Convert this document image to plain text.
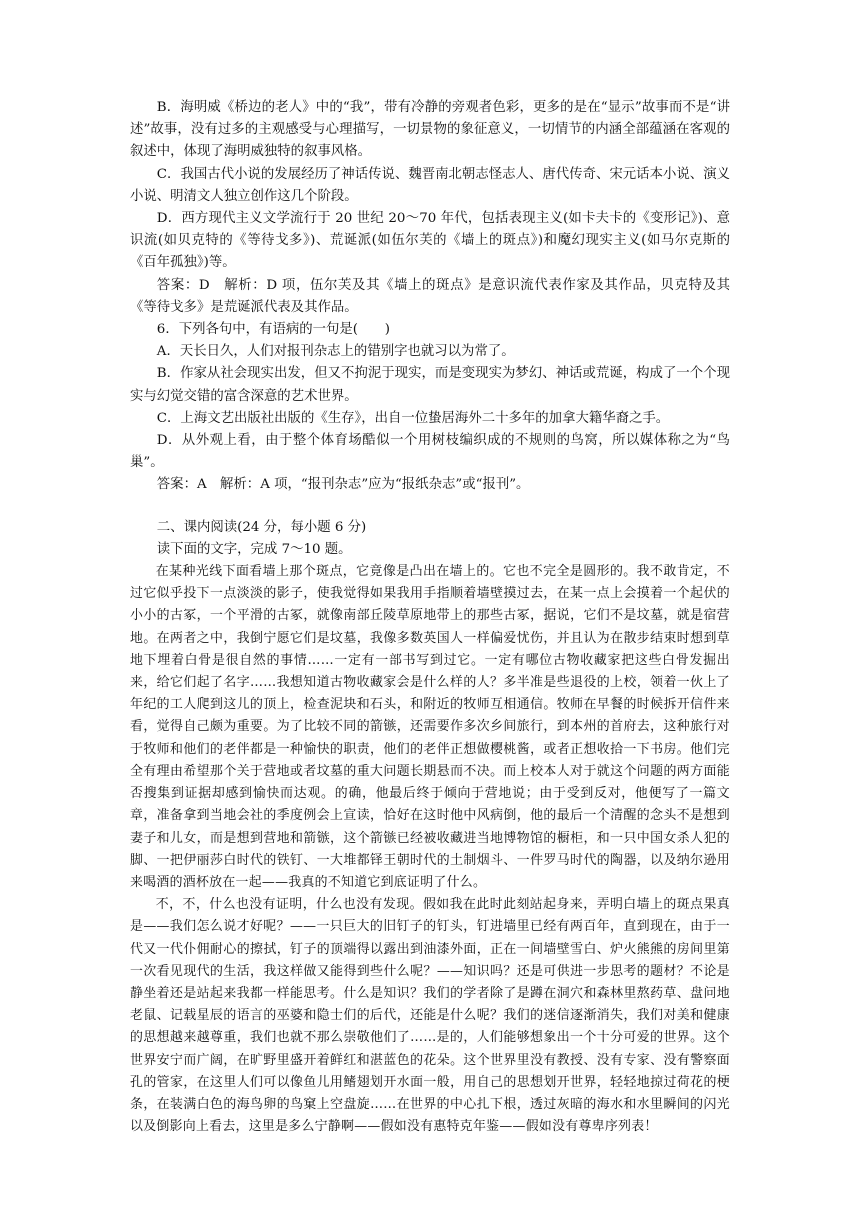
B．海明威《桥边的老人》中的“我”，带有冷静的旁观者色彩，更多的是在“显示”故事而不是“讲述”故事，没有过多的主观感受与心理描写，一切景物的象征意义，一切情节的内涵全部蕴涵在客观的叙述中，体现了海明威独特的叙事风格。

C．我国古代小说的发展经历了神话传说、魏晋南北朝志怪志人、唐代传奇、宋元话本小说、演义小说、明清文人独立创作这几个阶段。

D．西方现代主义文学流行于 20 世纪 20～70 年代，包括表现主义(如卡夫卡的《变形记》)、意识流(如贝克特的《等待戈多》)、荒诞派(如伍尔芙的《墙上的斑点》)和魔幻现实主义(如马尔克斯的《百年孤独》)等。

答案：D　解析：D 项，伍尔芙及其《墙上的斑点》是意识流代表作家及其作品，贝克特及其《等待戈多》是荒诞派代表及其作品。

6．下列各句中，有语病的一句是(　　)

A．天长日久，人们对报刊杂志上的错别字也就习以为常了。

B．作家从社会现实出发，但又不拘泥于现实，而是变现实为梦幻、神话或荒诞，构成了一个个现实与幻觉交错的富含深意的艺术世界。

C．上海文艺出版社出版的《生存》，出自一位蛰居海外二十多年的加拿大籍华裔之手。

D．从外观上看，由于整个体育场酷似一个用树枝编织成的不规则的鸟窝，所以媒体称之为“鸟巢”。

答案：A　解析：A 项，“报刊杂志”应为“报纸杂志”或“报刊”。

二、课内阅读(24 分，每小题 6 分)

读下面的文字，完成 7～10 题。

在某种光线下面看墙上那个斑点，它竟像是凸出在墙上的。它也不完全是圆形的。我不敢肯定，不过它似乎投下一点淡淡的影子，使我觉得如果我用手指顺着墙壁摸过去，在某一点上会摸着一个起伏的小小的古冢，一个平滑的古冢，就像南部丘陵草原地带上的那些古冢，据说，它们不是坟墓，就是宿营地。在两者之中，我倒宁愿它们是坟墓，我像多数英国人一样偏爱忧伤，并且认为在散步结束时想到草地下埋着白骨是很自然的事情……一定有一部书写到过它。一定有哪位古物收藏家把这些白骨发掘出来，给它们起了名字……我想知道古物收藏家会是什么样的人？多半准是些退役的上校，领着一伙上了年纪的工人爬到这儿的顶上，检查泥块和石头，和附近的牧师互相通信。牧师在早餐的时候拆开信件来看，觉得自己颇为重要。为了比较不同的箭镞，还需要作多次乡间旅行，到本州的首府去，这种旅行对于牧师和他们的老伴都是一种愉快的职责，他们的老伴正想做樱桃酱，或者正想收拾一下书房。他们完全有理由希望那个关于营地或者坟墓的重大问题长期悬而不决。而上校本人对于就这个问题的两方面能否搜集到证据却感到愉快而达观。的确，他最后终于倾向于营地说；由于受到反对，他便写了一篇文章，准备拿到当地会社的季度例会上宣读，恰好在这时他中风病倒，他的最后一个清醒的念头不是想到妻子和儿女，而是想到营地和箭镞，这个箭镞已经被收藏进当地博物馆的橱柜，和一只中国女杀人犯的脚、一把伊丽莎白时代的铁钉、一大堆都铎王朝时代的土制烟斗、一件罗马时代的陶器，以及纳尔逊用来喝酒的酒杯放在一起——我真的不知道它到底证明了什么。

不，不，什么也没有证明，什么也没有发现。假如我在此时此刻站起身来，弄明白墙上的斑点果真是——我们怎么说才好呢？——一只巨大的旧钉子的钉头，钉进墙里已经有两百年，直到现在，由于一代又一代仆佣耐心的擦拭，钉子的顶端得以露出到油漆外面，正在一间墙壁雪白、炉火熊熊的房间里第一次看见现代的生活，我这样做又能得到些什么呢？——知识吗？还是可供进一步思考的题材？不论是静坐着还是站起来我都一样能思考。什么是知识？我们的学者除了是蹲在洞穴和森林里熬药草、盘问地老鼠、记载星辰的语言的巫婆和隐士们的后代，还能是什么呢？我们的迷信逐渐消失，我们对美和健康的思想越来越尊重，我们也就不那么崇敬他们了……是的，人们能够想象出一个十分可爱的世界。这个世界安宁而广阔，在旷野里盛开着鲜红和湛蓝色的花朵。这个世界里没有教授、没有专家、没有警察面孔的管家，在这里人们可以像鱼儿用鳍翅划开水面一般，用自己的思想划开世界，轻轻地掠过荷花的梗条，在装满白色的海鸟卵的鸟窠上空盘旋……在世界的中心扎下根，透过灰暗的海水和水里瞬间的闪光以及倒影向上看去，这里是多么宁静啊——假如没有惠特克年鉴——假如没有尊卑序列表！
